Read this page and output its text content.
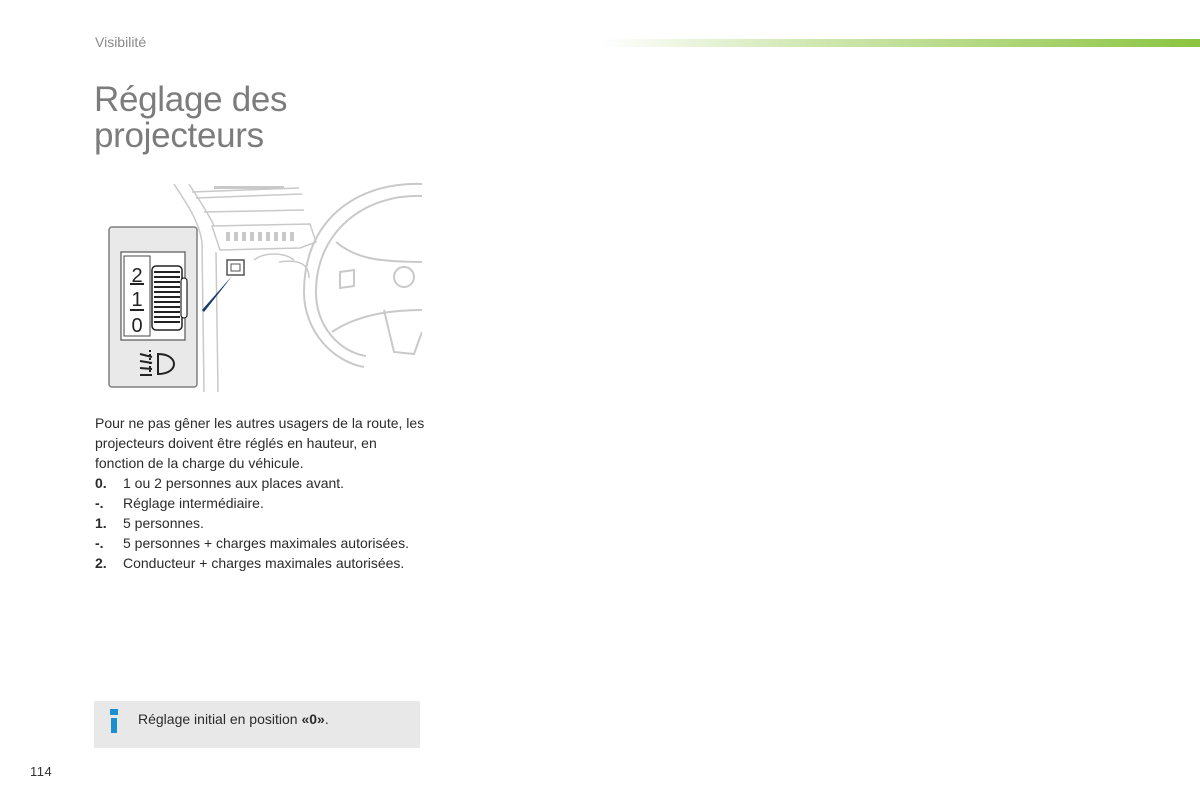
Visibilité
Réglage des
projecteurs
2
1
0

Pour ne pas gêner les autres usagers de la route, les projecteurs doivent être réglés en hauteur, en fonction de la charge du véhicule.

0.	1 ou 2 personnes aux places avant.
-.	Réglage intermédiaire.
1.	5 personnes.
-.	5 personnes + charges maximales autorisées.
2.	Conducteur + charges maximales autorisées.
Réglage initial en position «0».
114
